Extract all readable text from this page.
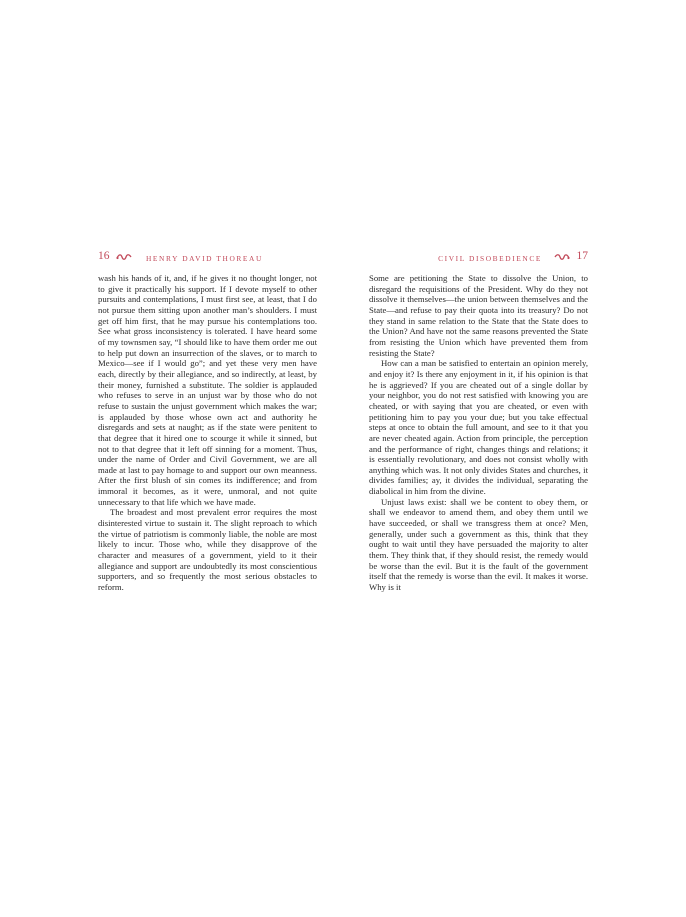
16	HENRY DAVID THOREAU

wash his hands of it, and, if he gives it no thought longer, not to give it practically his support. If I devote myself to other pursuits and contemplations, I must first see, at least, that I do not pursue them sitting upon another man’s shoulders. I must get off him first, that he may pursue his contemplations too. See what gross inconsistency is tolerated. I have heard some of my townsmen say, “I should like to have them order me out to help put down an insurrection of the slaves, or to march to Mexico—see if I would go”; and yet these very men have each, directly by their allegiance, and so indirectly, at least, by their money, furnished a substitute. The soldier is applauded who refuses to serve in an unjust war by those who do not refuse to sustain the unjust government which makes the war; is applauded by those whose own act and authority he disregards and sets at naught; as if the state were penitent to that degree that it hired one to scourge it while it sinned, but not to that degree that it left off sinning for a moment. Thus, under the name of Order and Civil Government, we are all made at last to pay homage to and support our own meanness. After the first blush of sin comes its indifference; and from immoral it becomes, as it were, unmoral, and not quite unnecessary to that life which we have made.

The broadest and most prevalent error requires the most disinterested virtue to sustain it. The slight reproach to which the virtue of patriotism is commonly liable, the noble are most likely to incur. Those who, while they disapprove of the character and measures of a government, yield to it their allegiance and support are undoubtedly its most conscientious supporters, and so frequently the most serious obstacles to reform.

CIVIL DISOBEDIENCE	17

Some are petitioning the State to dissolve the Union, to disregard the requisitions of the President. Why do they not dissolve it themselves—the union between themselves and the State—and refuse to pay their quota into its treasury? Do not they stand in same relation to the State that the State does to the Union? And have not the same reasons prevented the State from resisting the Union which have prevented them from resisting the State?

How can a man be satisfied to entertain an opinion merely, and enjoy it? Is there any enjoyment in it, if his opinion is that he is aggrieved? If you are cheated out of a single dollar by your neighbor, you do not rest satisfied with knowing you are cheated, or with saying that you are cheated, or even with petitioning him to pay you your due; but you take effectual steps at once to obtain the full amount, and see to it that you are never cheated again. Action from principle, the perception and the performance of right, changes things and relations; it is essentially revolutionary, and does not consist wholly with anything which was. It not only divides States and churches, it divides families; ay, it divides the individual, separating the diabolical in him from the divine.

Unjust laws exist: shall we be content to obey them, or shall we endeavor to amend them, and obey them until we have succeeded, or shall we transgress them at once? Men, generally, under such a government as this, think that they ought to wait until they have persuaded the majority to alter them. They think that, if they should resist, the remedy would be worse than the evil. But it is the fault of the government itself that the remedy is worse than the evil. It makes it worse. Why is it
